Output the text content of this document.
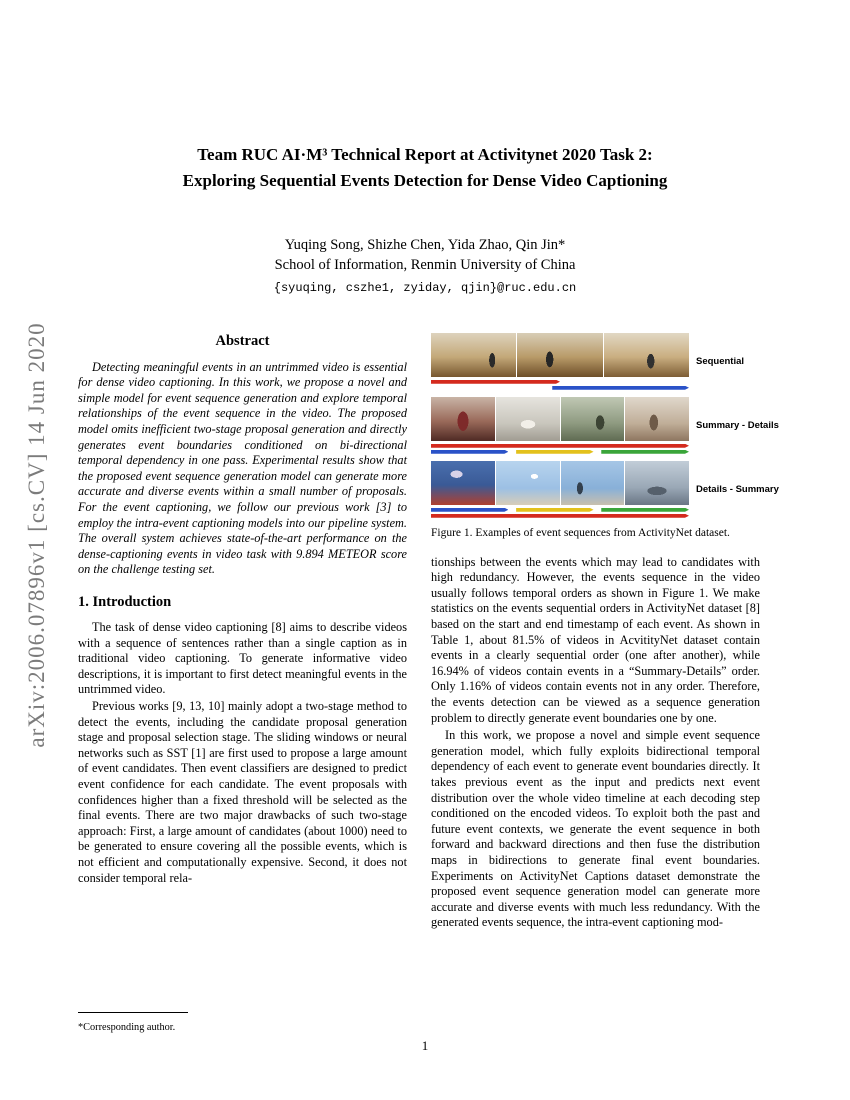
arXiv:2006.07896v1 [cs.CV] 14 Jun 2020
Team RUC AI·M³ Technical Report at Activitynet 2020 Task 2:
Exploring Sequential Events Detection for Dense Video Captioning
Yuqing Song, Shizhe Chen, Yida Zhao, Qin Jin*
School of Information, Renmin University of China
{syuqing, cszhe1, zyiday, qjin}@ruc.edu.cn
Abstract

Detecting meaningful events in an untrimmed video is essential for dense video captioning. In this work, we propose a novel and simple model for event sequence generation and explore temporal relationships of the event sequence in the video. The proposed model omits inefficient two-stage proposal generation and directly generates event boundaries conditioned on bi-directional temporal dependency in one pass. Experimental results show that the proposed event sequence generation model can generate more accurate and diverse events within a small number of proposals. For the event captioning, we follow our previous work [3] to employ the intra-event captioning models into our pipeline system. The overall system achieves state-of-the-art performance on the dense-captioning events in video task with 9.894 METEOR score on the challenge testing set.

1. Introduction

The task of dense video captioning [8] aims to describe videos with a sequence of sentences rather than a single caption as in traditional video captioning. To generate informative video descriptions, it is important to first detect meaningful events in the untrimmed video.

Previous works [9, 13, 10] mainly adopt a two-stage method to detect the events, including the candidate proposal generation stage and proposal selection stage. The sliding windows or neural networks such as SST [1] are first used to propose a large amount of event candidates. Then event classifiers are designed to predict event confidence for each candidate. The event proposals with confidences higher than a fixed threshold will be selected as the final events. There are two major drawbacks of such two-stage approach: First, a large amount of candidates (about 1000) need to be generated to ensure covering all the possible events, which is not efficient and computationally expensive. Second, it does not consider temporal rela-

*Corresponding author.
Sequential
Summary - Details
Details - Summary
Figure 1. Examples of event sequences from ActivityNet dataset.

tionships between the events which may lead to candidates with high redundancy. However, the events sequence in the video usually follows temporal orders as shown in Figure 1. We make statistics on the events sequential orders in ActivityNet dataset [8] based on the start and end timestamp of each event. As shown in Table 1, about 81.5% of videos in AcvitityNet dataset contain events in a clearly sequential order (one after another), while 16.94% of videos contain events in a “Summary-Details” order. Only 1.16% of videos contain events not in any order. Therefore, the events detection can be viewed as a sequence generation problem to directly generate event boundaries one by one.

In this work, we propose a novel and simple event sequence generation model, which fully exploits bidirectional temporal dependency of each event to generate event boundaries directly. It takes previous event as the input and predicts next event distribution over the whole video timeline at each decoding step conditioned on the encoded videos. To exploit both the past and future event contexts, we generate the event sequence in both forward and backward directions and then fuse the distribution maps in bidirections to generate final event boundaries. Experiments on ActivityNet Captions dataset demonstrate the proposed event sequence generation model can generate more accurate and diverse events with much less redundancy. With the generated events sequence, the intra-event captioning mod-

1
